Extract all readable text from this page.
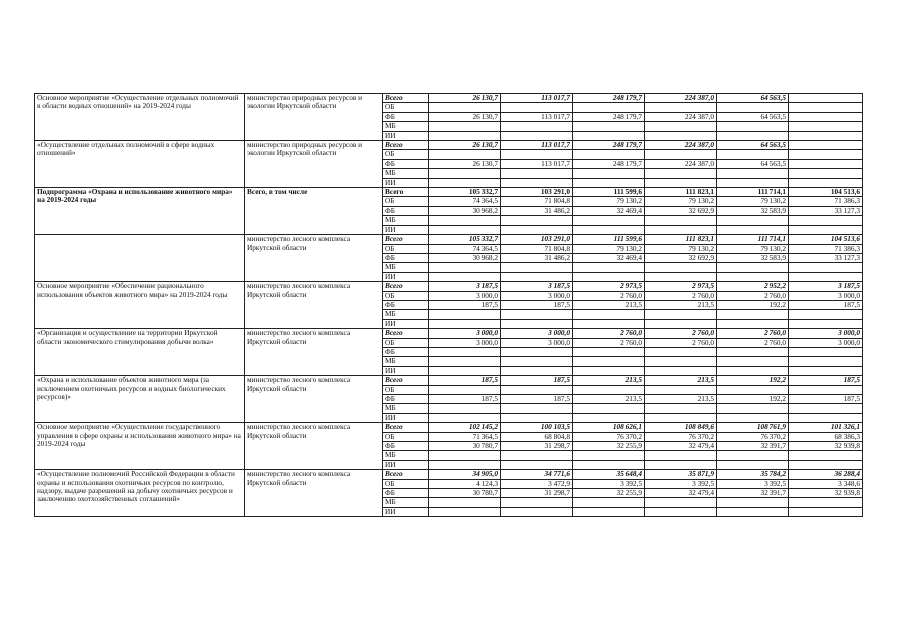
Основное мероприятие «Осуществление отдельных полномочий в области водных отношений» на 2019-2024 годы	министерство природных ресурсов и экологии Иркутской области	Всего	26 130,7	113 017,7	248 179,7	224 387,0	64 563,5	
		ОБ						
		ФБ	26 130,7	113 017,7	248 179,7	224 387,0	64 563,5	
		МБ						
		ИИ						
«Осуществление отдельных полномочий в сфере водных отношений»	министерство природных ресурсов и экологии Иркутской области	Всего	26 130,7	113 017,7	248 179,7	224 387,0	64 563,5	
		ОБ						
		ФБ	26 130,7	113 017,7	248 179,7	224 387,0	64 563,5	
		МБ						
		ИИ						
Подпрограмма «Охрана и использование животного мира» на 2019-2024 годы	Всего, в том числе	Всего	105 332,7	103 291,0	111 599,6	111 823,1	111 714,1	104 513,6
		ОБ	74 364,5	71 804,8	79 130,2	79 130,2	79 130,2	71 386,3
		ФБ	30 968,2	31 486,2	32 469,4	32 692,9	32 583,9	33 127,3
		МБ						
		ИИ						
	министерство лесного комплекса Иркутской области	Всего	105 332,7	103 291,0	111 599,6	111 823,1	111 714,1	104 513,6
		ОБ	74 364,5	71 804,8	79 130,2	79 130,2	79 130,2	71 386,3
		ФБ	30 968,2	31 486,2	32 469,4	32 692,9	32 583,9	33 127,3
		МБ						
		ИИ						
Основное мероприятие «Обеспечение рационального использования объектов животного мира» на 2019-2024 годы	министерство лесного комплекса Иркутской области	Всего	3 187,5	3 187,5	2 973,5	2 973,5	2 952,2	3 187,5
		ОБ	3 000,0	3 000,0	2 760,0	2 760,0	2 760,0	3 000,0
		ФБ	187,5	187,5	213,5	213,5	192,2	187,5
		МБ						
		ИИ						
«Организация и осуществление на территории Иркутской области экономического стимулирования добычи волка»	министерство лесного комплекса Иркутской области	Всего	3 000,0	3 000,0	2 760,0	2 760,0	2 760,0	3 000,0
		ОБ	3 000,0	3 000,0	2 760,0	2 760,0	2 760,0	3 000,0
		ФБ						
		МБ						
		ИИ						
«Охрана и использование объектов животного мира (за исключением охотничьих ресурсов и водных биологических ресурсов)»	министерство лесного комплекса Иркутской области	Всего	187,5	187,5	213,5	213,5	192,2	187,5
		ОБ						
		ФБ	187,5	187,5	213,5	213,5	192,2	187,5
		МБ						
		ИИ						
Основное мероприятие «Осуществление государственного управления в сфере охраны и использования животного мира» на 2019-2024 годы	министерство лесного комплекса Иркутской области	Всего	102 145,2	100 103,5	108 626,1	108 849,6	108 761,9	101 326,1
		ОБ	71 364,5	68 804,8	76 370,2	76 370,2	76 370,2	68 386,3
		ФБ	30 780,7	31 298,7	32 255,9	32 479,4	32 391,7	32 939,8
		МБ						
		ИИ						
«Осуществление полномочий Российской Федерации в области охраны и использования охотничьих ресурсов по контролю, надзору, выдаче разрешений на добычу охотничьих ресурсов и заключению охотхозяйственных соглашений»	министерство лесного комплекса Иркутской области	Всего	34 905,0	34 771,6	35 648,4	35 871,9	35 784,2	36 288,4
		ОБ	4 124,3	3 472,9	3 392,5	3 392,5	3 392,5	3 348,6
		ФБ	30 780,7	31 298,7	32 255,9	32 479,4	32 391,7	32 939,8
		МБ						
		ИИ						
